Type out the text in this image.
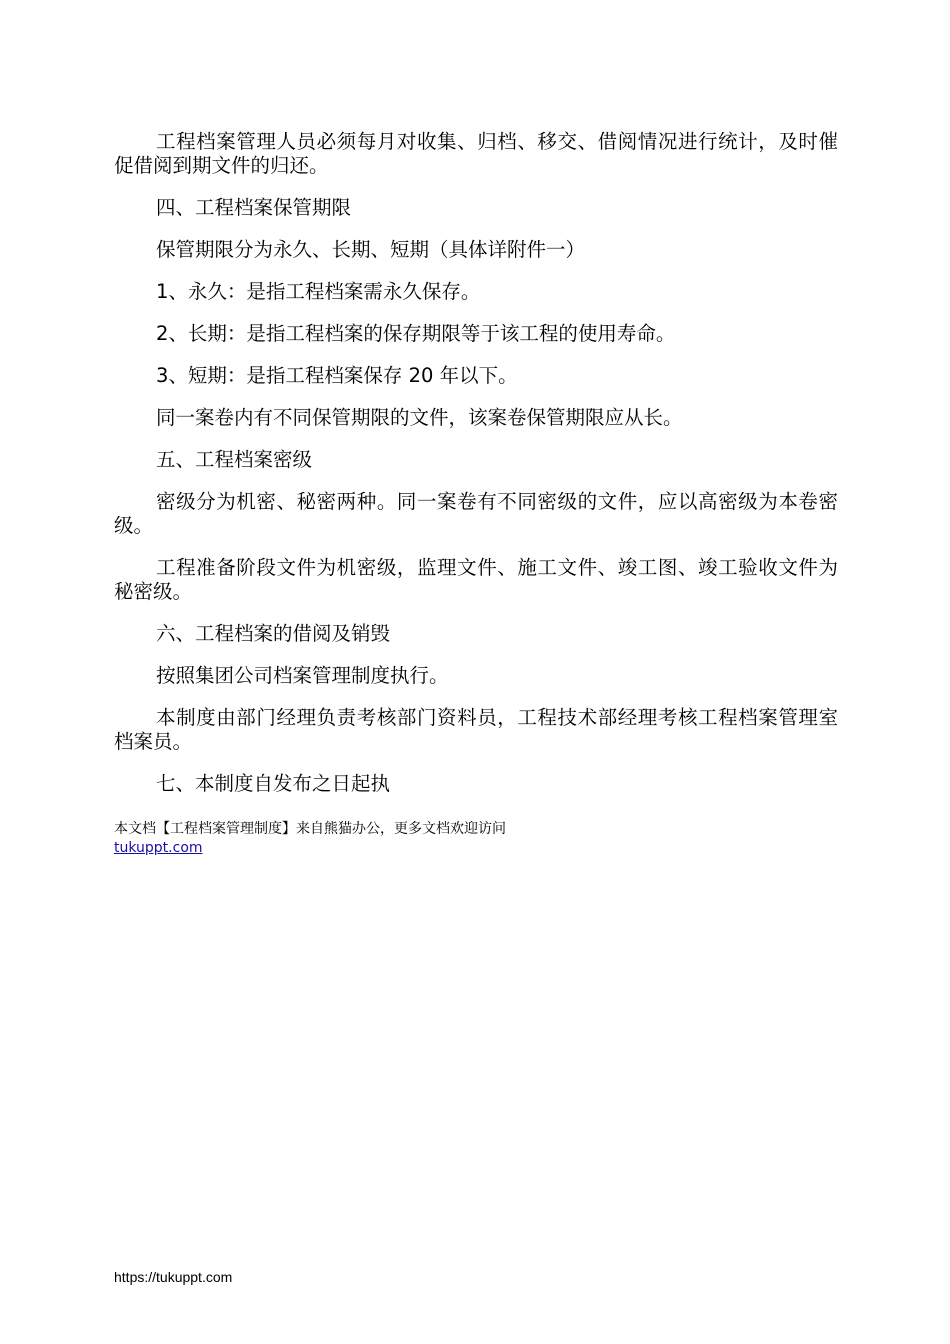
工程档案管理人员必须每月对收集、归档、移交、借阅情况进行统计，及时催促借阅到期文件的归还。

四、工程档案保管期限

保管期限分为永久、长期、短期（具体详附件一）

1、永久：是指工程档案需永久保存。

2、长期：是指工程档案的保存期限等于该工程的使用寿命。

3、短期：是指工程档案保存 20 年以下。

同一案卷内有不同保管期限的文件，该案卷保管期限应从长。

五、工程档案密级

密级分为机密、秘密两种。同一案卷有不同密级的文件，应以高密级为本卷密级。

工程准备阶段文件为机密级，监理文件、施工文件、竣工图、竣工验收文件为秘密级。

六、工程档案的借阅及销毁

按照集团公司档案管理制度执行。

本制度由部门经理负责考核部门资料员，工程技术部经理考核工程档案管理室档案员。

七、本制度自发布之日起执

本文档【工程档案管理制度】来自熊猫办公，更多文档欢迎访问
tukuppt.com
https://tukuppt.com
